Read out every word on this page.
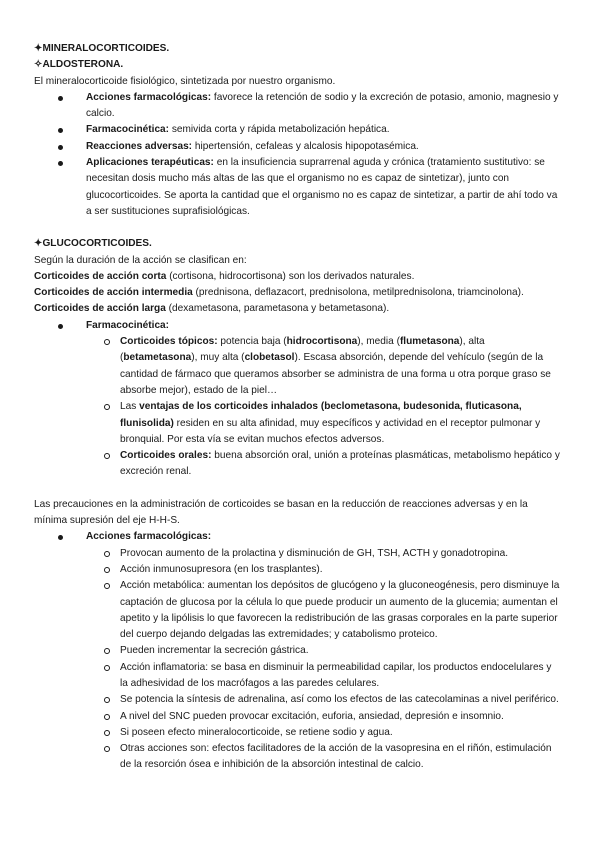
✦MINERALOCORTICOIDES.

✧ALDOSTERONA.

El mineralocorticoide fisiológico, sintetizada por nuestro organismo.

Acciones farmacológicas: favorece la retención de sodio y la excreción de potasio, amonio, magnesio y calcio.
Farmacocinética: semivida corta y rápida metabolización hepática.
Reacciones adversas: hipertensión, cefaleas y alcalosis hipopotasémica.
Aplicaciones terapéuticas: en la insuficiencia suprarrenal aguda y crónica (tratamiento sustitutivo: se necesitan dosis mucho más altas de las que el organismo no es capaz de sintetizar), junto con glucocorticoides. Se aporta la cantidad que el organismo no es capaz de sintetizar, a partir de ahí todo va a ser sustituciones suprafisiológicas.

✦GLUCOCORTICOIDES.

Según la duración de la acción se clasifican en:

Corticoides de acción corta (cortisona, hidrocortisona) son los derivados naturales.

Corticoides de acción intermedia (prednisona, deflazacort, prednisolona, metilprednisolona, triamcinolona).

Corticoides de acción larga (dexametasona, parametasona y betametasona).

Farmacocinética:
Corticoides tópicos: potencia baja (hidrocortisona), media (flumetasona), alta (betametasona), muy alta (clobetasol). Escasa absorción, depende del vehículo (según de la cantidad de fármaco que queramos absorber se administra de una forma u otra porque graso se absorbe mejor), estado de la piel…
Las ventajas de los corticoides inhalados (beclometasona, budesonida, fluticasona, flunisolida) residen en su alta afinidad, muy específicos y actividad en el receptor pulmonar y bronquial. Por esta vía se evitan muchos efectos adversos.
Corticoides orales: buena absorción oral, unión a proteínas plasmáticas, metabolismo hepático y excreción renal.

Las precauciones en la administración de corticoides se basan en la reducción de reacciones adversas y en la mínima supresión del eje H-H-S.

Acciones farmacológicas:
Provocan aumento de la prolactina y disminución de GH, TSH, ACTH y gonadotropina.
Acción inmunosupresora (en los trasplantes).
Acción metabólica: aumentan los depósitos de glucógeno y la gluconeogénesis, pero disminuye la captación de glucosa por la célula lo que puede producir un aumento de la glucemia; aumentan el apetito y la lipólisis lo que favorecen la redistribución de las grasas corporales en la parte superior del cuerpo dejando delgadas las extremidades; y catabolismo proteico.
Pueden incrementar la secreción gástrica.
Acción inflamatoria: se basa en disminuir la permeabilidad capilar, los productos endocelulares y la adhesividad de los macrófagos a las paredes celulares.
Se potencia la síntesis de adrenalina, así como los efectos de las catecolaminas a nivel periférico.
A nivel del SNC pueden provocar excitación, euforia, ansiedad, depresión e insomnio.
Si poseen efecto mineralocorticoide, se retiene sodio y agua.
Otras acciones son: efectos facilitadores de la acción de la vasopresina en el riñón, estimulación de la resorción ósea e inhibición de la absorción intestinal de calcio.
